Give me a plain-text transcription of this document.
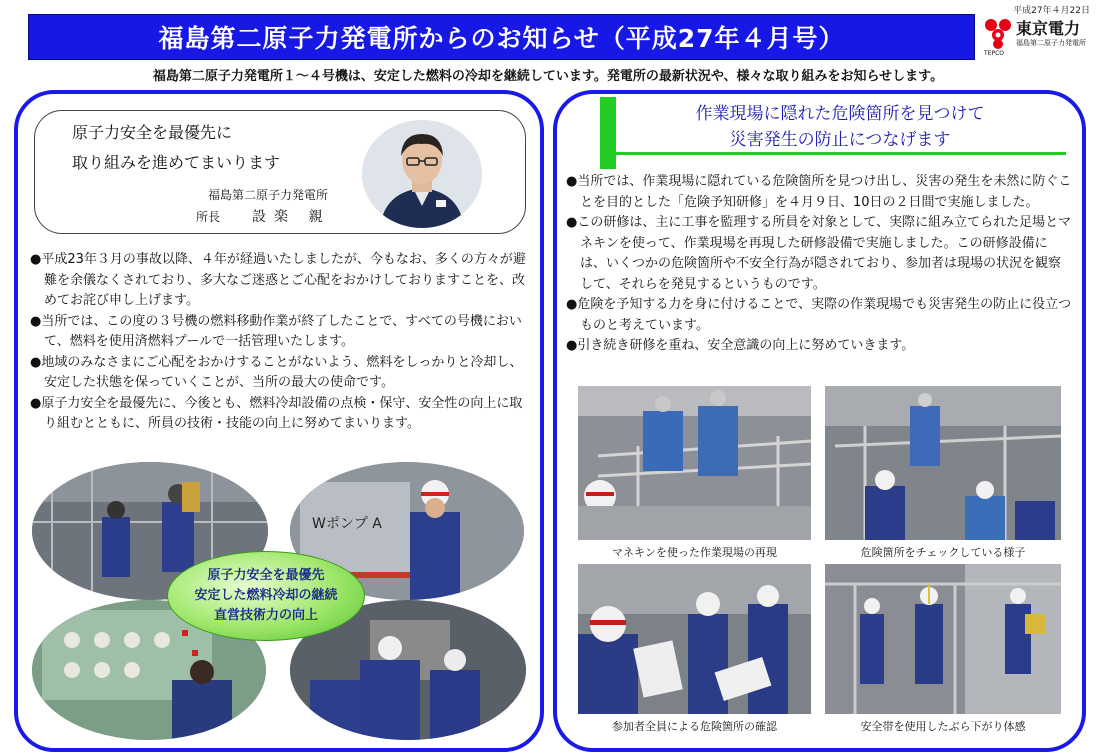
平成27年４月22日
福島第二原子力発電所からのお知らせ（平成27年４月号）	東京電力
福島第二原子力発電所
TEPCO
福島第二原子力発電所１～４号機は、安定した燃料の冷却を継続しています。発電所の最新状況や、様々な取り組みをお知らせします。
原子力安全を最優先に
取り組みを進めてまいります
福島第二原子力発電所
所長 設楽 親
●平成23年３月の事故以降、４年が経過いたしましたが、今もなお、多くの方々が避難を余儀なくされており、多大なご迷惑とご心配をおかけしておりますことを、改めてお詫び申し上げます。
●当所では、この度の３号機の燃料移動作業が終了したことで、すべての号機において、燃料を使用済燃料プールで一括管理いたします。
●地域のみなさまにご心配をおかけすることがないよう、燃料をしっかりと冷却し、安定した状態を保っていくことが、当所の最大の使命です。
●原子力安全を最優先に、今後とも、燃料冷却設備の点検・保守、安全性の向上に取り組むとともに、所員の技術・技能の向上に努めてまいります。
Wポンプ A
原子力安全を最優先
安定した燃料冷却の継続
直営技術力の向上
作業現場に隠れた危険箇所を見つけて
災害発生の防止につなげます
●当所では、作業現場に隠れている危険箇所を見つけ出し、災害の発生を未然に防ぐことを目的とした「危険予知研修」を４月９日、10日の２日間で実施しました。
●この研修は、主に工事を監理する所員を対象として、実際に組み立てられた足場とマネキンを使って、作業現場を再現した研修設備で実施しました。この研修設備には、いくつかの危険箇所や不安全行為が隠されており、参加者は現場の状況を観察して、それらを発見するというものです。
●危険を予知する力を身に付けることで、実際の作業現場でも災害発生の防止に役立つものと考えています。
●引き続き研修を重ね、安全意識の向上に努めていきます。
マネキンを使った作業現場の再現	危険箇所をチェックしている様子
参加者全員による危険箇所の確認	安全帯を使用したぶら下がり体感
